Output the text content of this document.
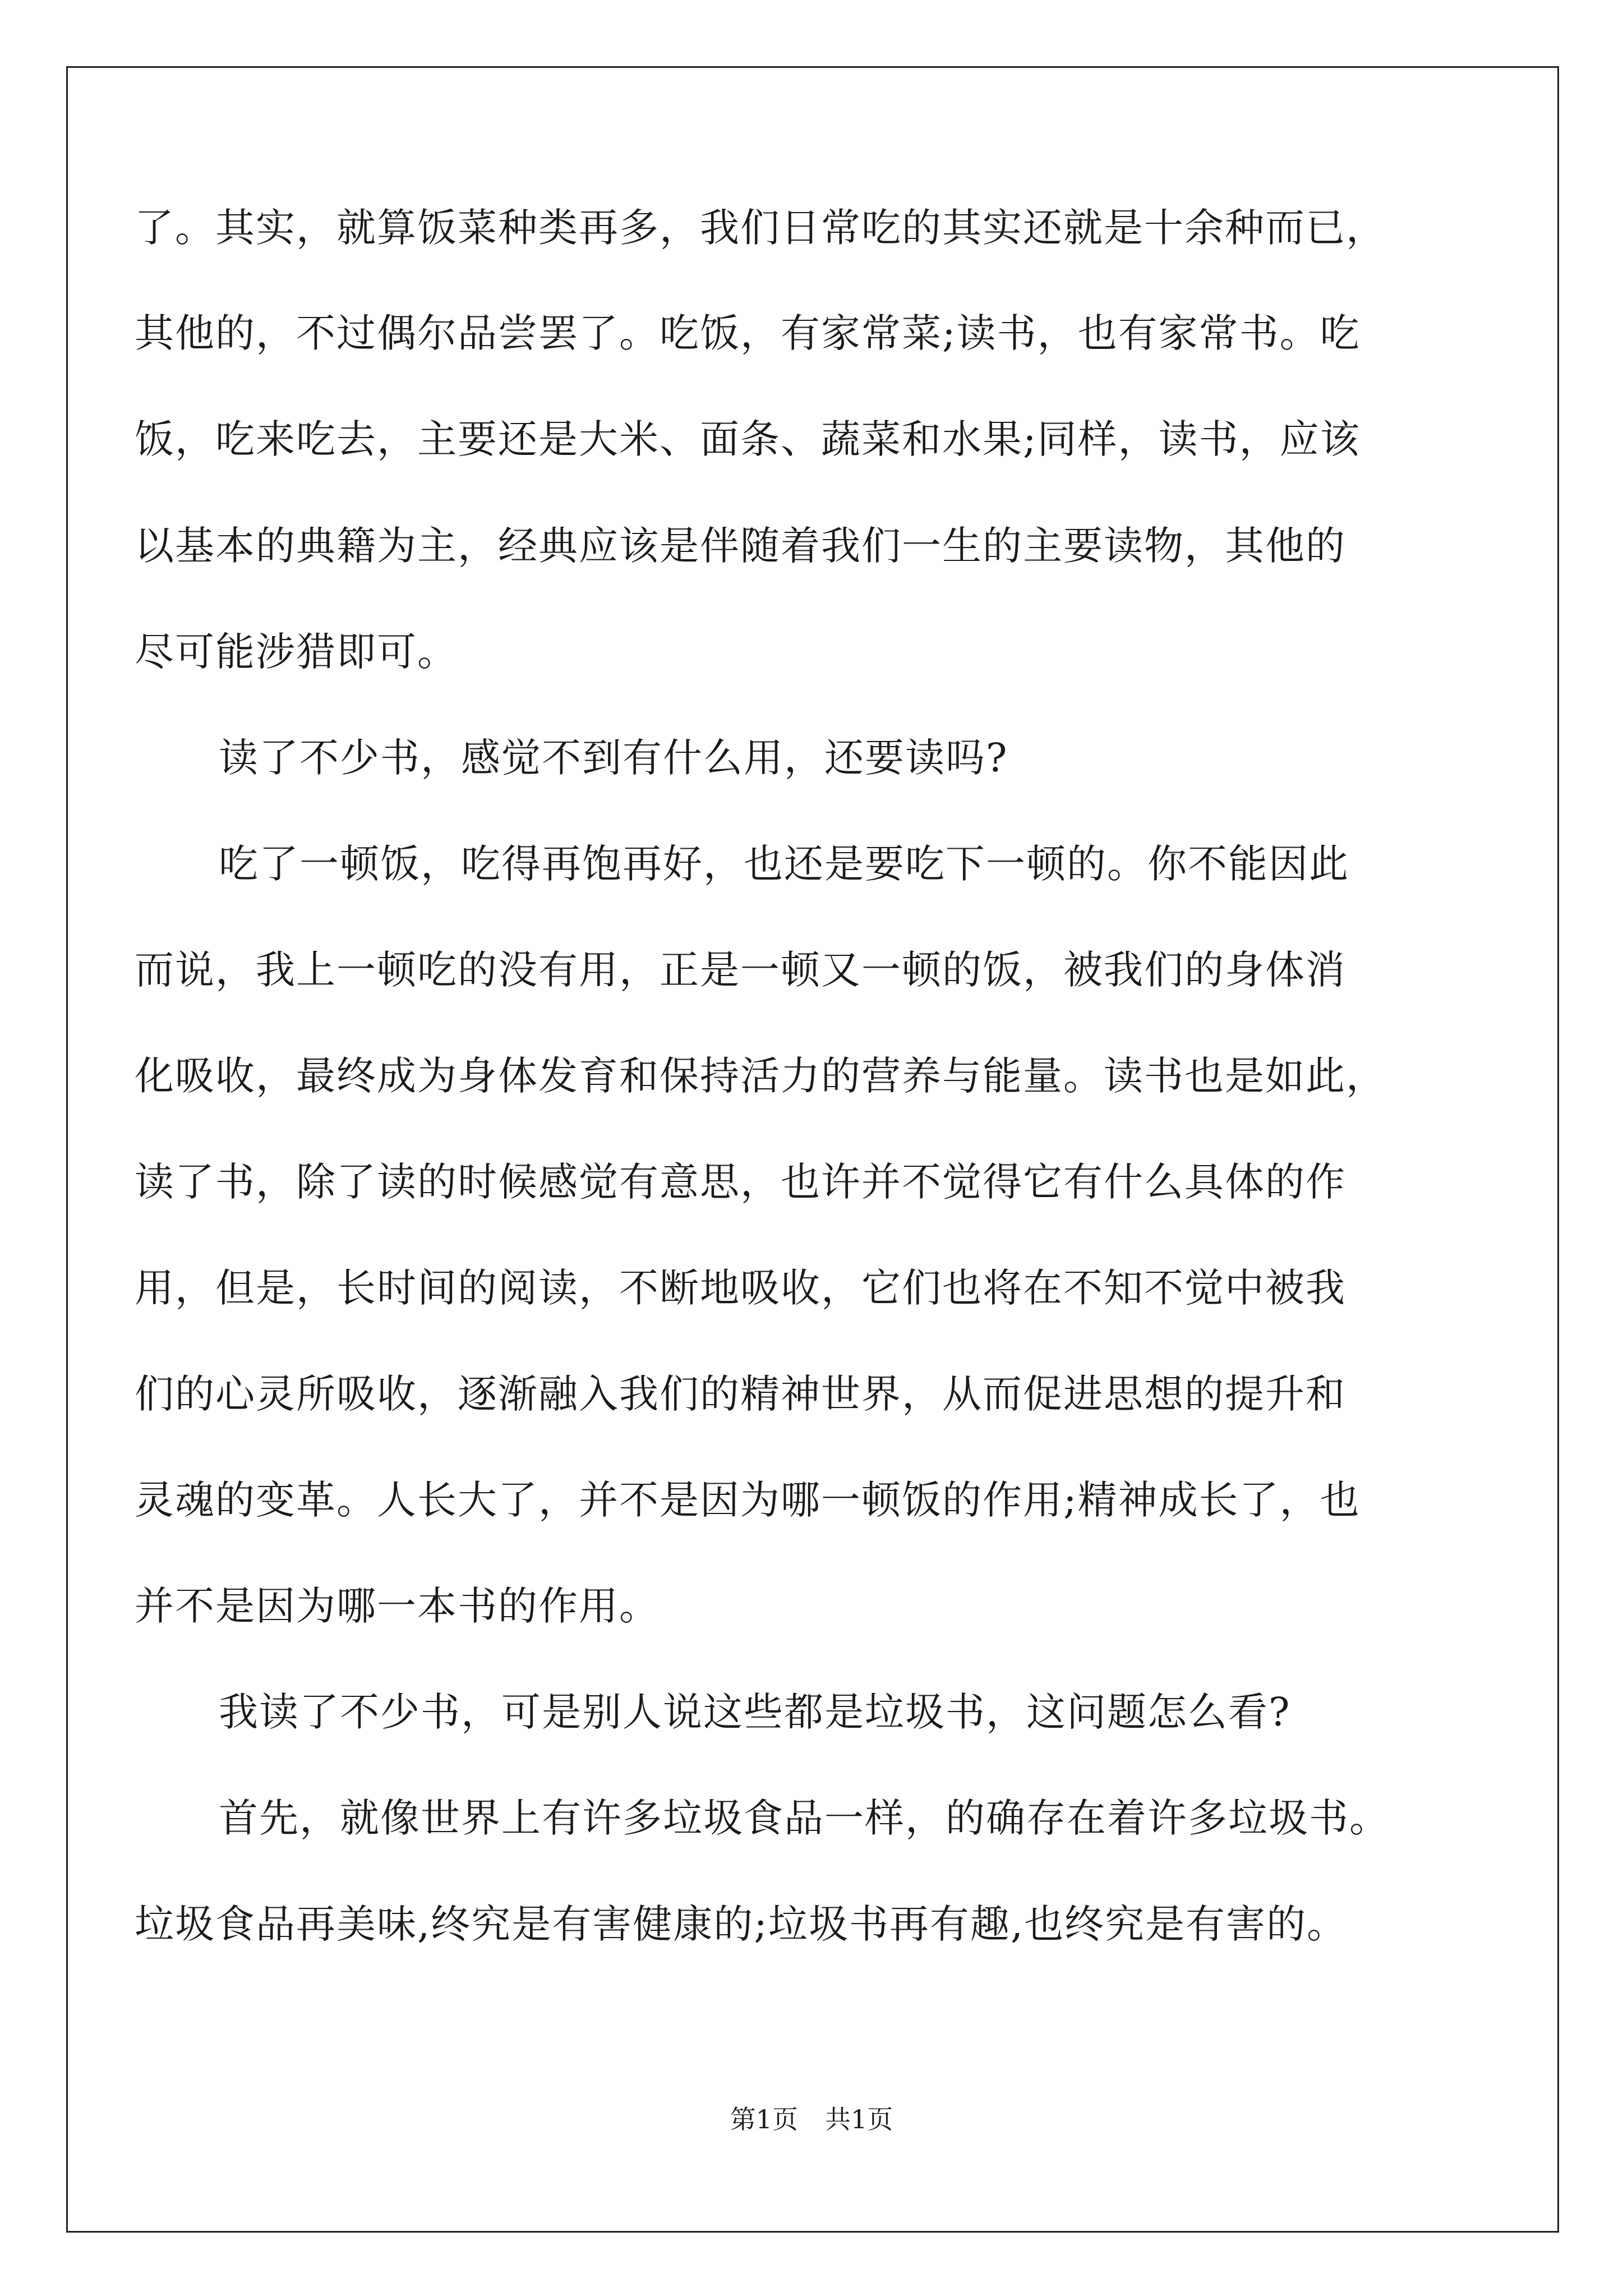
了。其实，就算饭菜种类再多，我们日常吃的其实还就是十余种而已，
其他的，不过偶尔品尝罢了。吃饭，有家常菜;读书，也有家常书。吃
饭，吃来吃去，主要还是大米、面条、蔬菜和水果;同样，读书，应该
以基本的典籍为主，经典应该是伴随着我们一生的主要读物，其他的
尽可能涉猎即可。
读了不少书，感觉不到有什么用，还要读吗?
吃了一顿饭，吃得再饱再好，也还是要吃下一顿的。你不能因此
而说，我上一顿吃的没有用，正是一顿又一顿的饭，被我们的身体消
化吸收，最终成为身体发育和保持活力的营养与能量。读书也是如此，
读了书，除了读的时候感觉有意思，也许并不觉得它有什么具体的作
用，但是，长时间的阅读，不断地吸收，它们也将在不知不觉中被我
们的心灵所吸收，逐渐融入我们的精神世界，从而促进思想的提升和
灵魂的变革。人长大了，并不是因为哪一顿饭的作用;精神成长了，也
并不是因为哪一本书的作用。
我读了不少书，可是别人说这些都是垃圾书，这问题怎么看?
首先，就像世界上有许多垃圾食品一样，的确存在着许多垃圾书。
垃圾食品再美味,终究是有害健康的;垃圾书再有趣,也终究是有害的。
第1页 共1页
